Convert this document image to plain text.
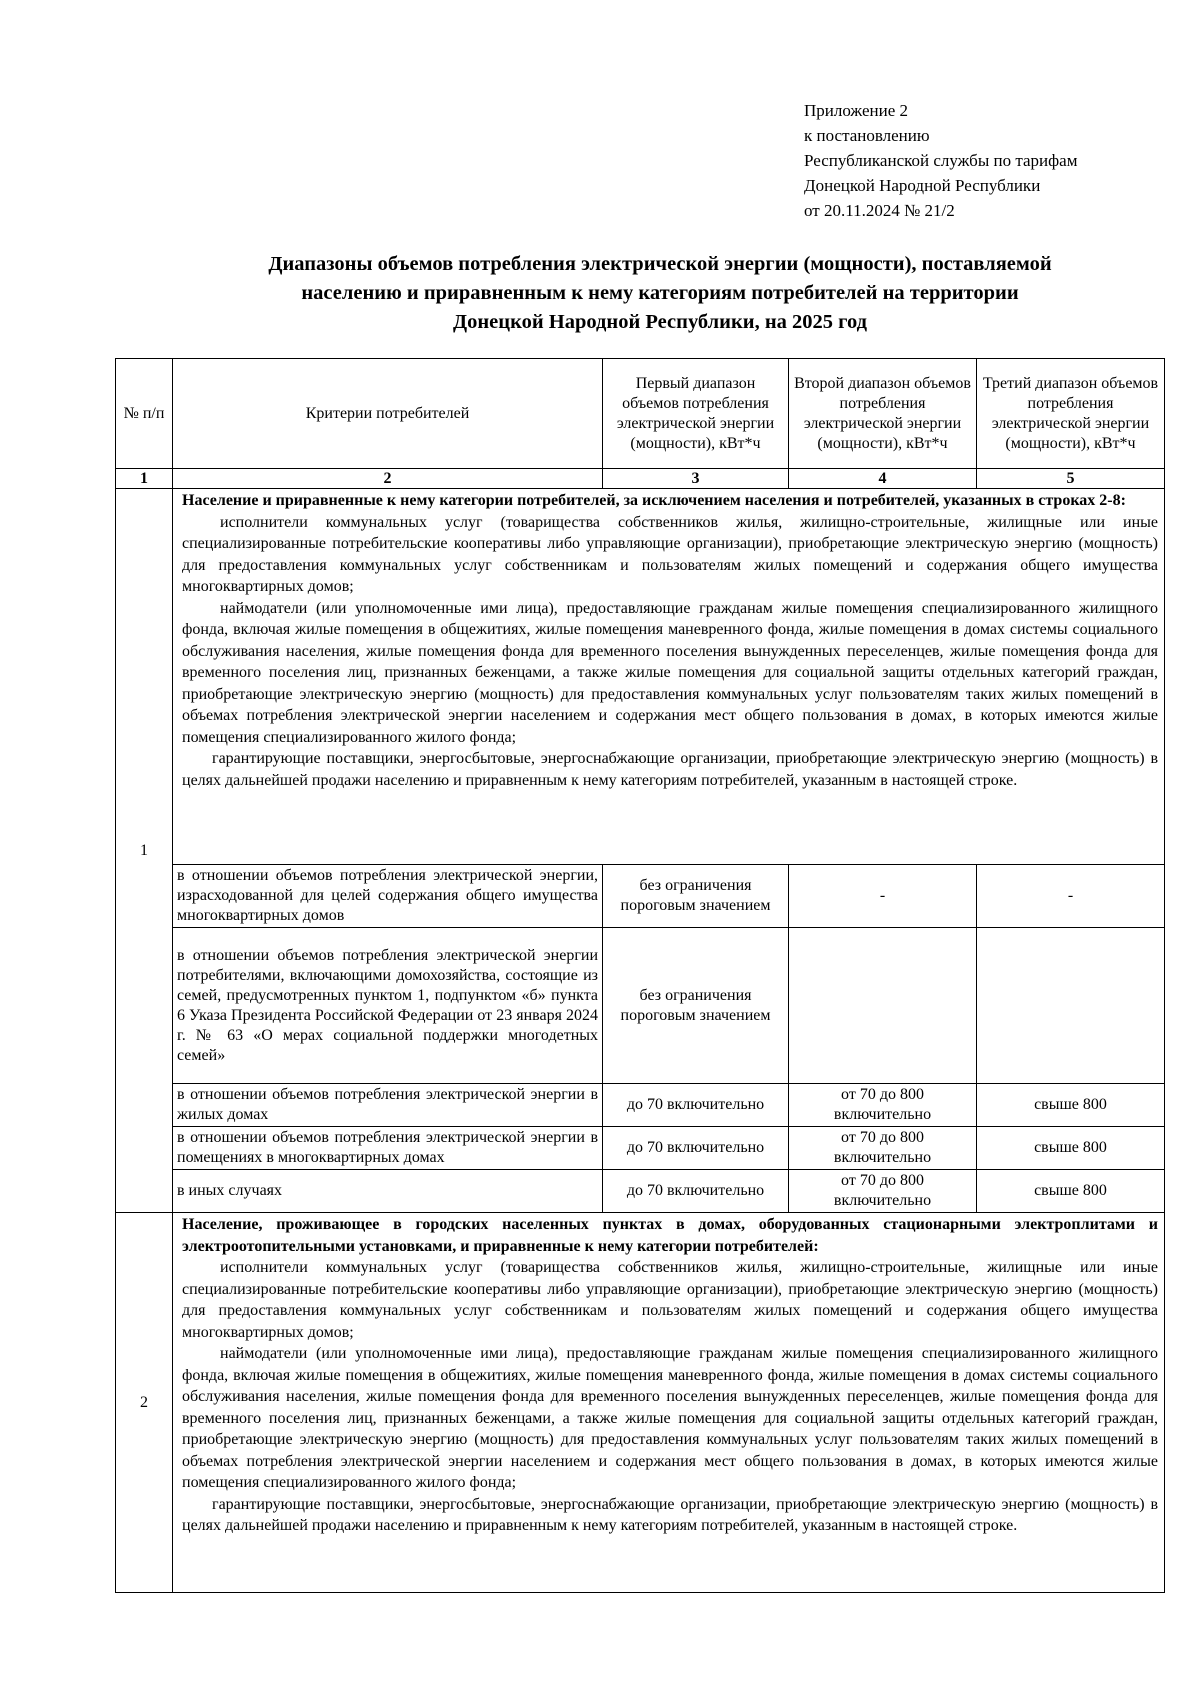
Приложение 2
к постановлению
Республиканской службы по тарифам
Донецкой Народной Республики
от 20.11.2024 № 21/2
Диапазоны объемов потребления электрической энергии (мощности), поставляемой
населению и приравненным к нему категориям потребителей на территории
Донецкой Народной Республики, на 2025 год
№ п/п	Критерии потребителей	Первый диапазон объемов потребления электрической энергии (мощности), кВт*ч	Второй диапазон объемов потребления электрической энергии (мощности), кВт*ч	Третий диапазон объемов потребления электрической энергии (мощности), кВт*ч
1	2	3	4	5
1	Население и приравненные к нему категории потребителей, за исключением населения и потребителей, указанных в строках 2-8:

исполнители коммунальных услуг (товарищества собственников жилья, жилищно-строительные, жилищные или иные специализированные потребительские кооперативы либо управляющие организации), приобретающие электрическую энергию (мощность) для предоставления коммунальных услуг собственникам и пользователям жилых помещений и содержания общего имущества многоквартирных домов;

наймодатели (или уполномоченные ими лица), предоставляющие гражданам жилые помещения специализированного жилищного фонда, включая жилые помещения в общежитиях, жилые помещения маневренного фонда, жилые помещения в домах системы социального обслуживания населения, жилые помещения фонда для временного поселения вынужденных переселенцев, жилые помещения фонда для временного поселения лиц, признанных беженцами, а также жилые помещения для социальной защиты отдельных категорий граждан, приобретающие электрическую энергию (мощность) для предоставления коммунальных услуг пользователям таких жилых помещений в объемах потребления электрической энергии населением и содержания мест общего пользования в домах, в которых имеются жилые помещения специализированного жилого фонда;

гарантирующие поставщики, энергосбытовые, энергоснабжающие организации, приобретающие электрическую энергию (мощность) в целях дальнейшей продажи населению и приравненным к нему категориям потребителей, указанным в настоящей строке.			

	в отношении объемов потребления электрической энергии, израсходованной для целей содержания общего имущества многоквартирных домов	без ограничения пороговым значением	-	-
	в отношении объемов потребления электрической энергии потребителями, включающими домохозяйства, состоящие из семей, предусмотренных пунктом 1, подпунктом «б» пункта 6 Указа Президента Российской Федерации от 23 января 2024 г. № 63 «О мерах социальной поддержки многодетных семей»	без ограничения пороговым значением		
	в отношении объемов потребления электрической энергии в жилых домах	до 70 включительно	от 70 до 800 включительно	свыше 800
	в отношении объемов потребления электрической энергии в помещениях в многоквартирных домах	до 70 включительно	от 70 до 800 включительно	свыше 800
	в иных случаях	до 70 включительно	от 70 до 800 включительно	свыше 800
2	Население, проживающее в городских населенных пунктах в домах, оборудованных стационарными электроплитами и электроотопительными установками, и приравненные к нему категории потребителей:

исполнители коммунальных услуг (товарищества собственников жилья, жилищно-строительные, жилищные или иные специализированные потребительские кооперативы либо управляющие организации), приобретающие электрическую энергию (мощность) для предоставления коммунальных услуг собственникам и пользователям жилых помещений и содержания общего имущества многоквартирных домов;

наймодатели (или уполномоченные ими лица), предоставляющие гражданам жилые помещения специализированного жилищного фонда, включая жилые помещения в общежитиях, жилые помещения маневренного фонда, жилые помещения в домах системы социального обслуживания населения, жилые помещения фонда для временного поселения вынужденных переселенцев, жилые помещения фонда для временного поселения лиц, признанных беженцами, а также жилые помещения для социальной защиты отдельных категорий граждан, приобретающие электрическую энергию (мощность) для предоставления коммунальных услуг пользователям таких жилых помещений в объемах потребления электрической энергии населением и содержания мест общего пользования в домах, в которых имеются жилые помещения специализированного жилого фонда;

гарантирующие поставщики, энергосбытовые, энергоснабжающие организации, приобретающие электрическую энергию (мощность) в целях дальнейшей продажи населению и приравненным к нему категориям потребителей, указанным в настоящей строке.			
